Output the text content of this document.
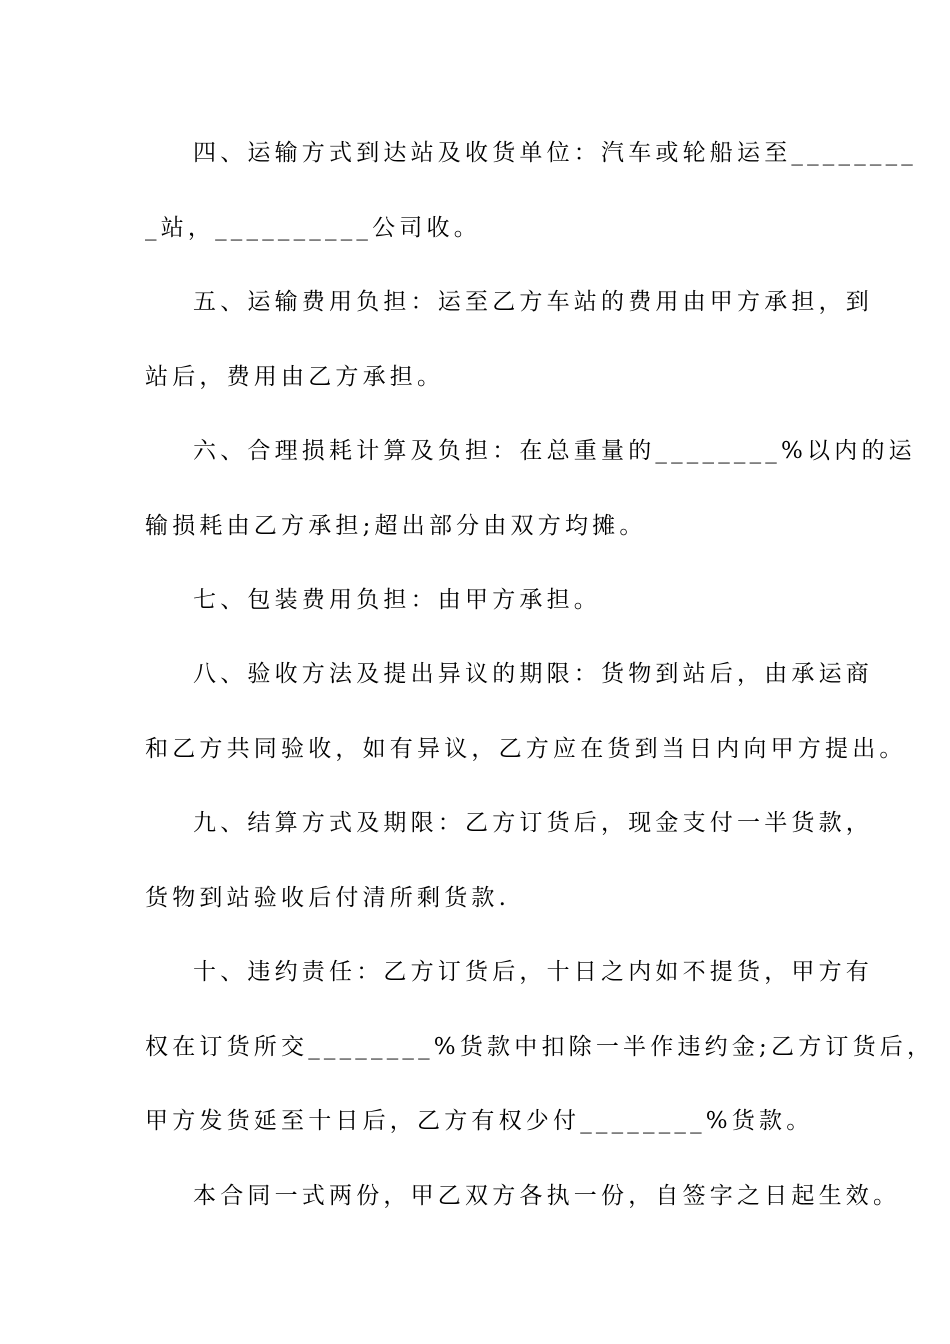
四、运输方式到达站及收货单位：汽车或轮船运至________
_站，__________公司收。
五、运输费用负担：运至乙方车站的费用由甲方承担，到
站后，费用由乙方承担。
六、合理损耗计算及负担：在总重量的________%以内的运
输损耗由乙方承担;超出部分由双方均摊。
七、包装费用负担：由甲方承担。
八、验收方法及提出异议的期限：货物到站后，由承运商
和乙方共同验收，如有异议，乙方应在货到当日内向甲方提出。
九、结算方式及期限：乙方订货后，现金支付一半货款，
货物到站验收后付清所剩货款.
十、违约责任：乙方订货后，十日之内如不提货，甲方有
权在订货所交________%货款中扣除一半作违约金;乙方订货后，
甲方发货延至十日后，乙方有权少付________%货款。
本合同一式两份，甲乙双方各执一份，自签字之日起生效。
